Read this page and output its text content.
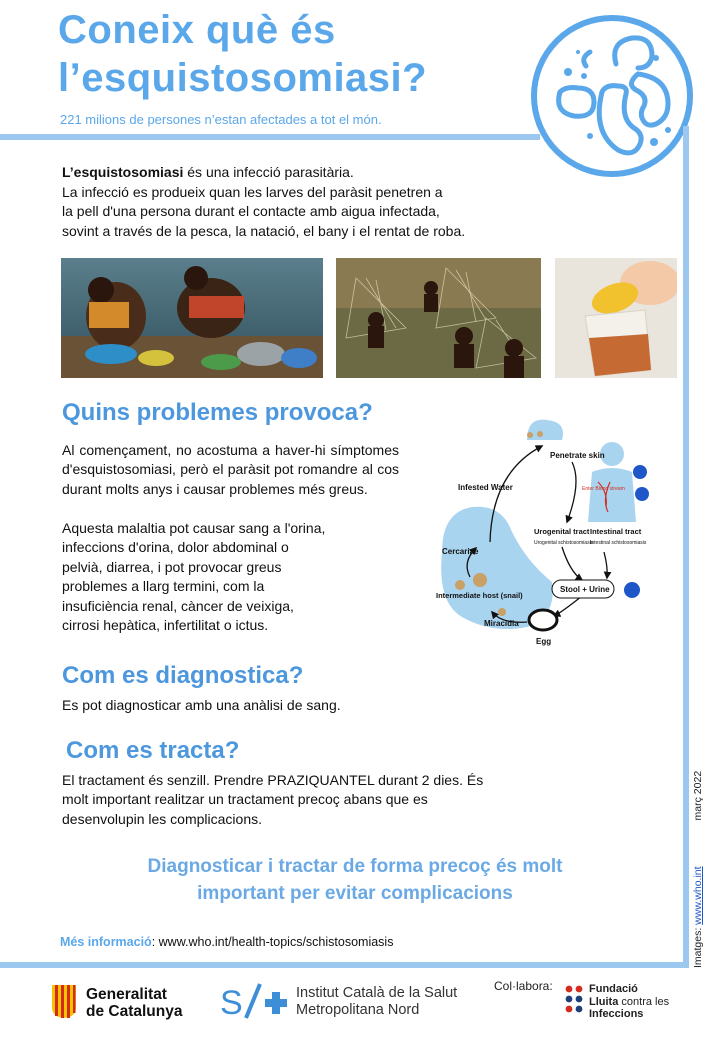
Coneix què és
l’esquistosomiasi?
221 milions de persones n’estan afectades a tot el món.
L’esquistosomiasi és una infecció parasitària.
La infecció es produeix quan les larves del paràsit penetren a
la pell d'una persona durant el contacte amb aigua infectada,
sovint a través de la pesca, la natació, el bany i el rentat de roba.
Quins problemes provoca?
Al començament, no acostuma a haver-hi símptomes d'esquistosomiasi, però el paràsit pot romandre al cos durant molts anys i causar problemes més greus.
Aquesta malaltia pot causar sang a l'orina,
infeccions d'orina, dolor abdominal o
pelvià, diarrea, i pot provocar greus
problemes a llarg termini, com la
insuficiència renal, càncer de veixiga,
cirrosi hepàtica, infertilitat o ictus.
Penetrate skin
Infested Water
Cercariae
Intermediate host (snail)
Miracidia
Egg
Stool + Urine
Urogenital tract
Urogenital schistosomiasis
Intestinal tract
Intestinal schistosomiasis
Enter Blood stream
Com es diagnostica?
Es pot diagnosticar amb una anàlisi de sang.
Com es tracta?
El tractament és senzill. Prendre PRAZIQUANTEL durant 2 dies. És
molt important realitzar un tractament precoç abans que es
desenvolupin les complicacions.
Diagnosticar i tractar de forma precoç és molt
important per evitar complicacions
Més informació: www.who.int/health-topics/schistosomiasis	Imatges: www.who.intmarç 2022
Generalitat
de Catalunya S	Institut Català de la Salut
Metropolitana Nord
Col·labora:	Fundació
Lluita contra les
Infeccions
